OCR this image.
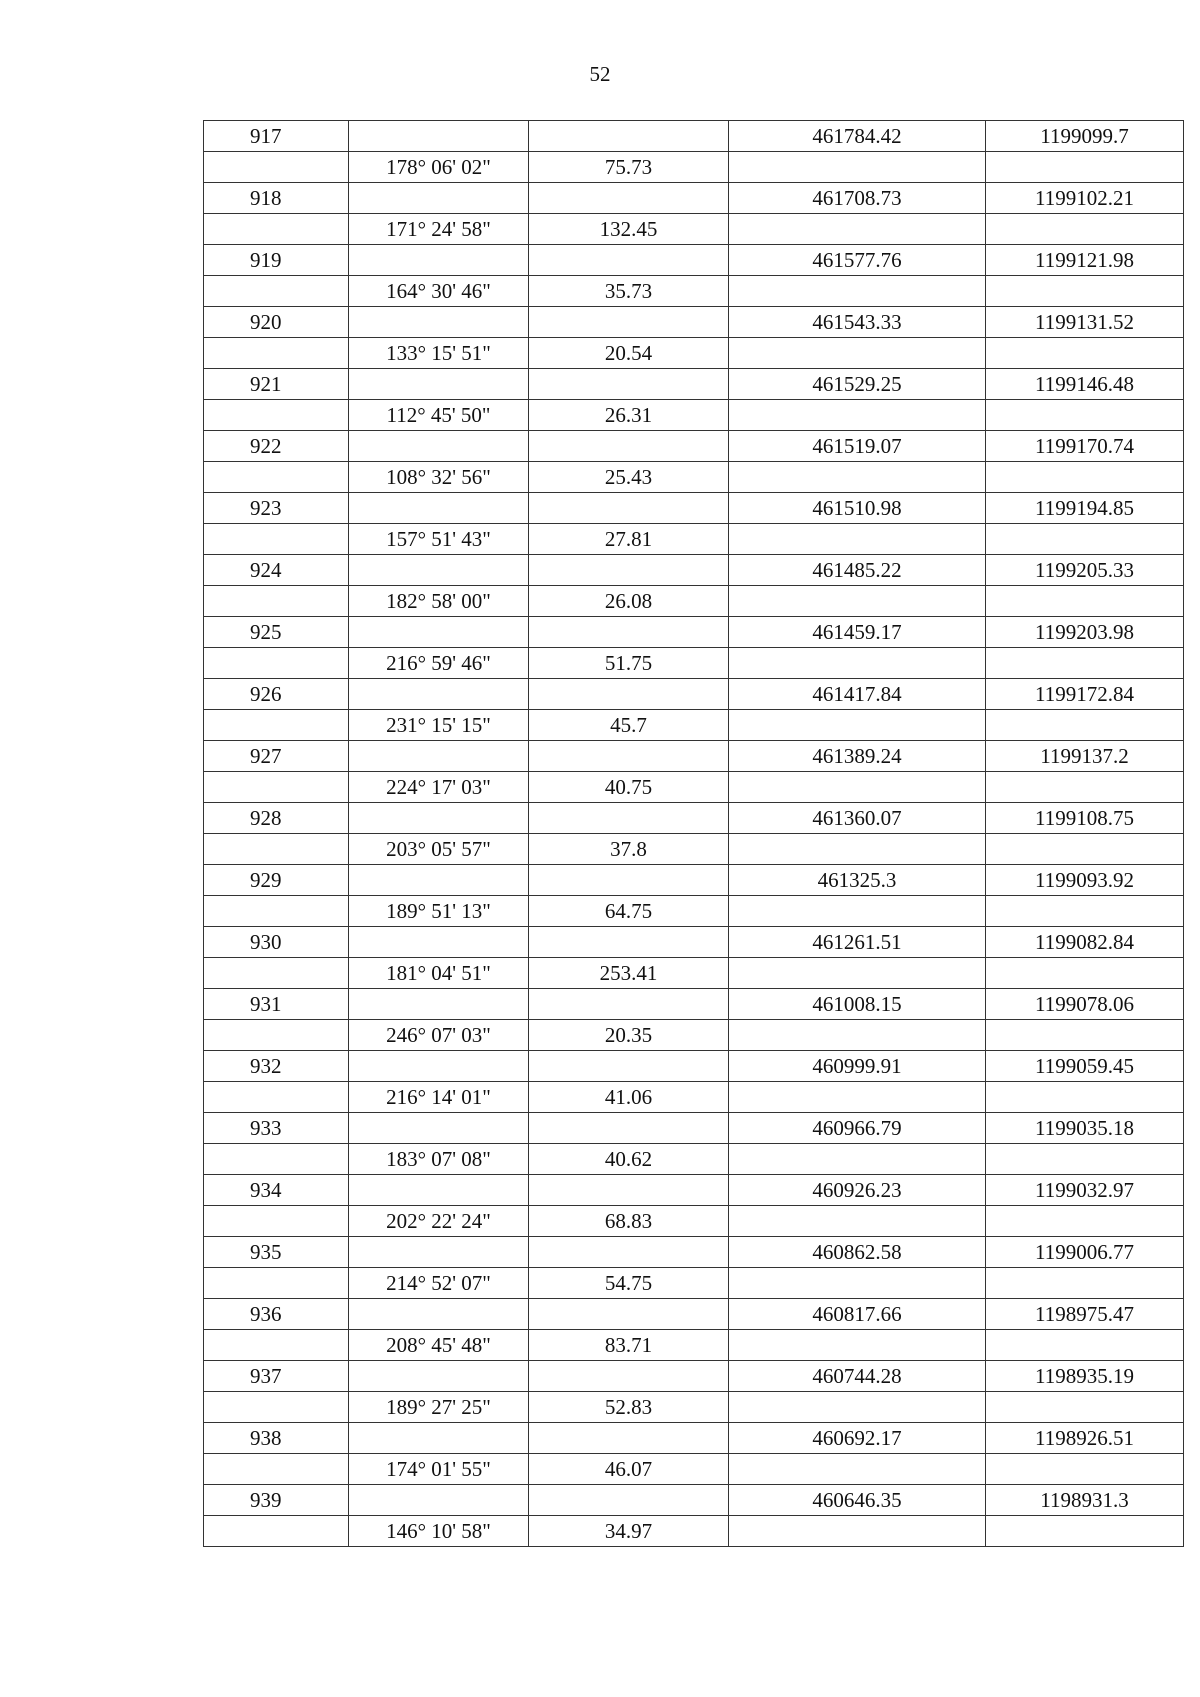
52
917			461784.42	1199099.7
	178° 06' 02"	75.73		
918			461708.73	1199102.21
	171° 24' 58"	132.45		
919			461577.76	1199121.98
	164° 30' 46"	35.73		
920			461543.33	1199131.52
	133° 15' 51"	20.54		
921			461529.25	1199146.48
	112° 45' 50"	26.31		
922			461519.07	1199170.74
	108° 32' 56"	25.43		
923			461510.98	1199194.85
	157° 51' 43"	27.81		
924			461485.22	1199205.33
	182° 58' 00"	26.08		
925			461459.17	1199203.98
	216° 59' 46"	51.75		
926			461417.84	1199172.84
	231° 15' 15"	45.7		
927			461389.24	1199137.2
	224° 17' 03"	40.75		
928			461360.07	1199108.75
	203° 05' 57"	37.8		
929			461325.3	1199093.92
	189° 51' 13"	64.75		
930			461261.51	1199082.84
	181° 04' 51"	253.41		
931			461008.15	1199078.06
	246° 07' 03"	20.35		
932			460999.91	1199059.45
	216° 14' 01"	41.06		
933			460966.79	1199035.18
	183° 07' 08"	40.62		
934			460926.23	1199032.97
	202° 22' 24"	68.83		
935			460862.58	1199006.77
	214° 52' 07"	54.75		
936			460817.66	1198975.47
	208° 45' 48"	83.71		
937			460744.28	1198935.19
	189° 27' 25"	52.83		
938			460692.17	1198926.51
	174° 01' 55"	46.07		
939			460646.35	1198931.3
	146° 10' 58"	34.97		
